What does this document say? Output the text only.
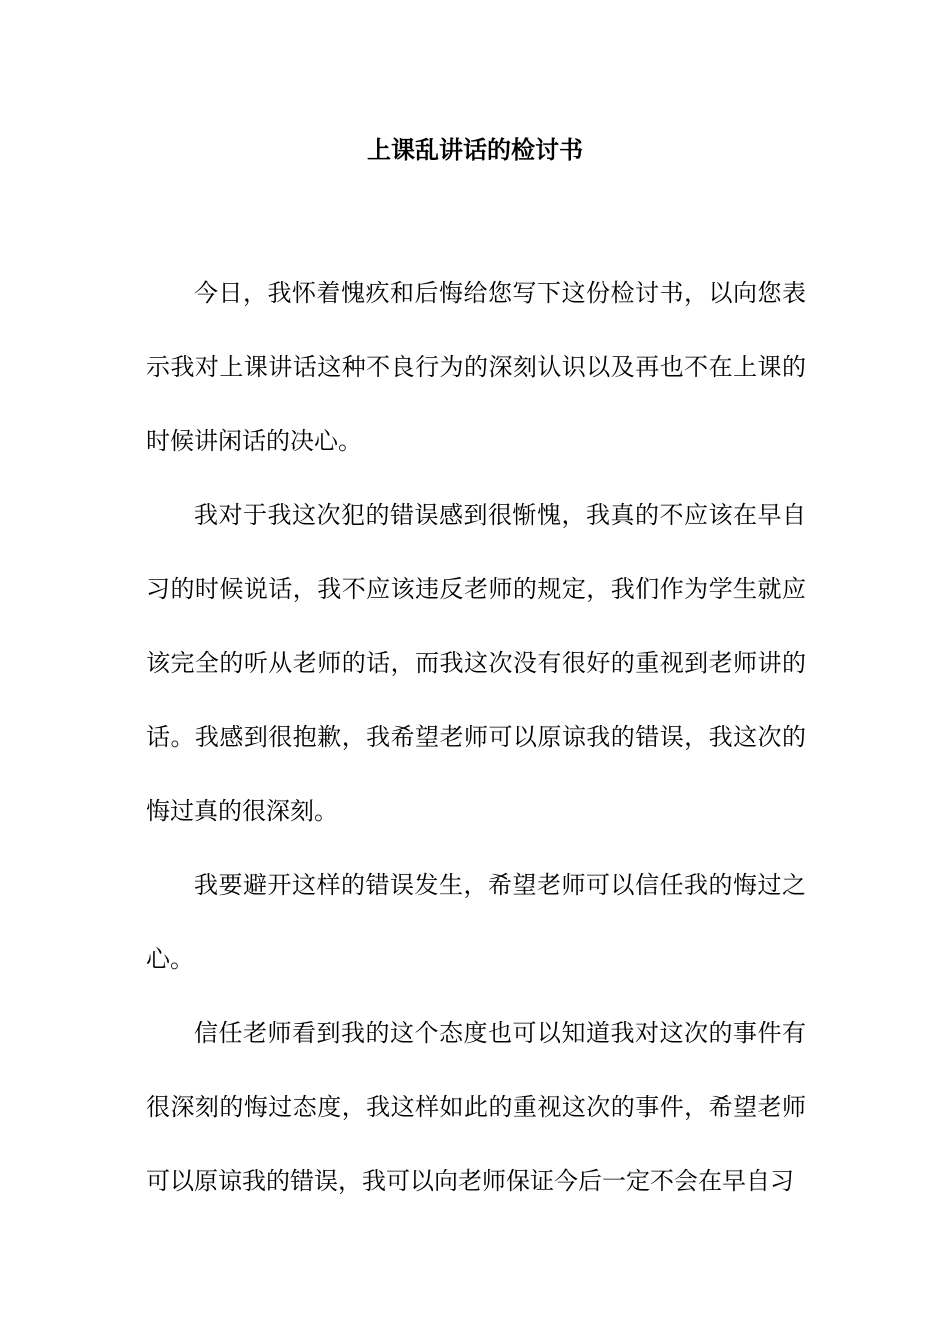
上课乱讲话的检讨书

今日，我怀着愧疚和后悔给您写下这份检讨书，以向您表示我对上课讲话这种不良行为的深刻认识以及再也不在上课的时候讲闲话的决心。

我对于我这次犯的错误感到很惭愧，我真的不应该在早自习的时候说话，我不应该违反老师的规定，我们作为学生就应该完全的听从老师的话，而我这次没有很好的重视到老师讲的话。我感到很抱歉，我希望老师可以原谅我的错误，我这次的悔过真的很深刻。

我要避开这样的错误发生，希望老师可以信任我的悔过之心。

信任老师看到我的这个态度也可以知道我对这次的事件有很深刻的悔过态度，我这样如此的重视这次的事件，希望老师可以原谅我的错误，我可以向老师保证今后一定不会在早自习
